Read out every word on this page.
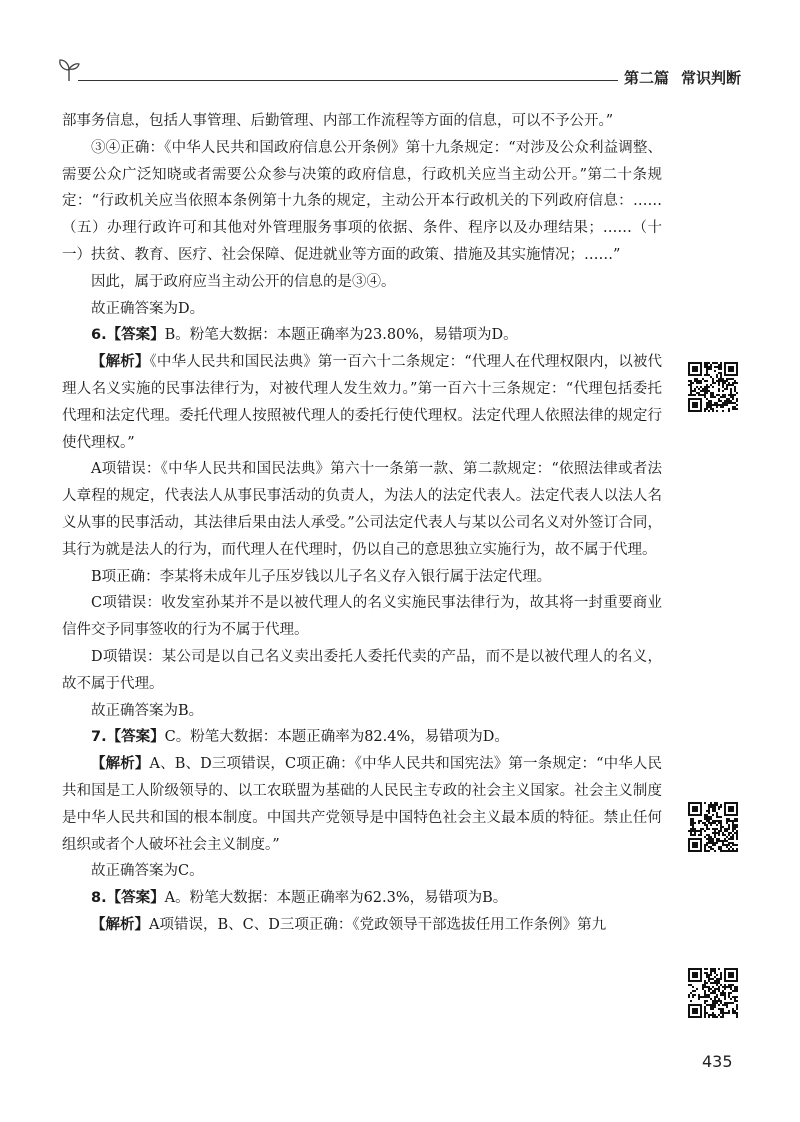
第二篇 常识判断

部事务信息，包括人事管理、后勤管理、内部工作流程等方面的信息，可以不予公开。”

③④正确：《中华人民共和国政府信息公开条例》第十九条规定：“对涉及公众利益调整、需要公众广泛知晓或者需要公众参与决策的政府信息，行政机关应当主动公开。”第二十条规定：“行政机关应当依照本条例第十九条的规定，主动公开本行政机关的下列政府信息：……（五）办理行政许可和其他对外管理服务事项的依据、条件、程序以及办理结果；……（十一）扶贫、教育、医疗、社会保障、促进就业等方面的政策、措施及其实施情况；……”

因此，属于政府应当主动公开的信息的是③④。

故正确答案为D。

6.【答案】B。粉笔大数据：本题正确率为23.80%，易错项为D。

【解析】《中华人民共和国民法典》第一百六十二条规定：“代理人在代理权限内，以被代理人名义实施的民事法律行为，对被代理人发生效力。”第一百六十三条规定：“代理包括委托代理和法定代理。委托代理人按照被代理人的委托行使代理权。法定代理人依照法律的规定行使代理权。”

A项错误：《中华人民共和国民法典》第六十一条第一款、第二款规定：“依照法律或者法人章程的规定，代表法人从事民事活动的负责人，为法人的法定代表人。法定代表人以法人名义从事的民事活动，其法律后果由法人承受。”公司法定代表人与某以公司名义对外签订合同，其行为就是法人的行为，而代理人在代理时，仍以自己的意思独立实施行为，故不属于代理。

B项正确：李某将未成年儿子压岁钱以儿子名义存入银行属于法定代理。

C项错误：收发室孙某并不是以被代理人的名义实施民事法律行为，故其将一封重要商业信件交予同事签收的行为不属于代理。

D项错误：某公司是以自己名义卖出委托人委托代卖的产品，而不是以被代理人的名义，故不属于代理。

故正确答案为B。

7.【答案】C。粉笔大数据：本题正确率为82.4%，易错项为D。

【解析】A、B、D三项错误，C项正确：《中华人民共和国宪法》第一条规定：“中华人民共和国是工人阶级领导的、以工农联盟为基础的人民民主专政的社会主义国家。社会主义制度是中华人民共和国的根本制度。中国共产党领导是中国特色社会主义最本质的特征。禁止任何组织或者个人破坏社会主义制度。”

故正确答案为C。

8.【答案】A。粉笔大数据：本题正确率为62.3%，易错项为B。

【解析】A项错误，B、C、D三项正确：《党政领导干部选拔任用工作条例》第九

435
